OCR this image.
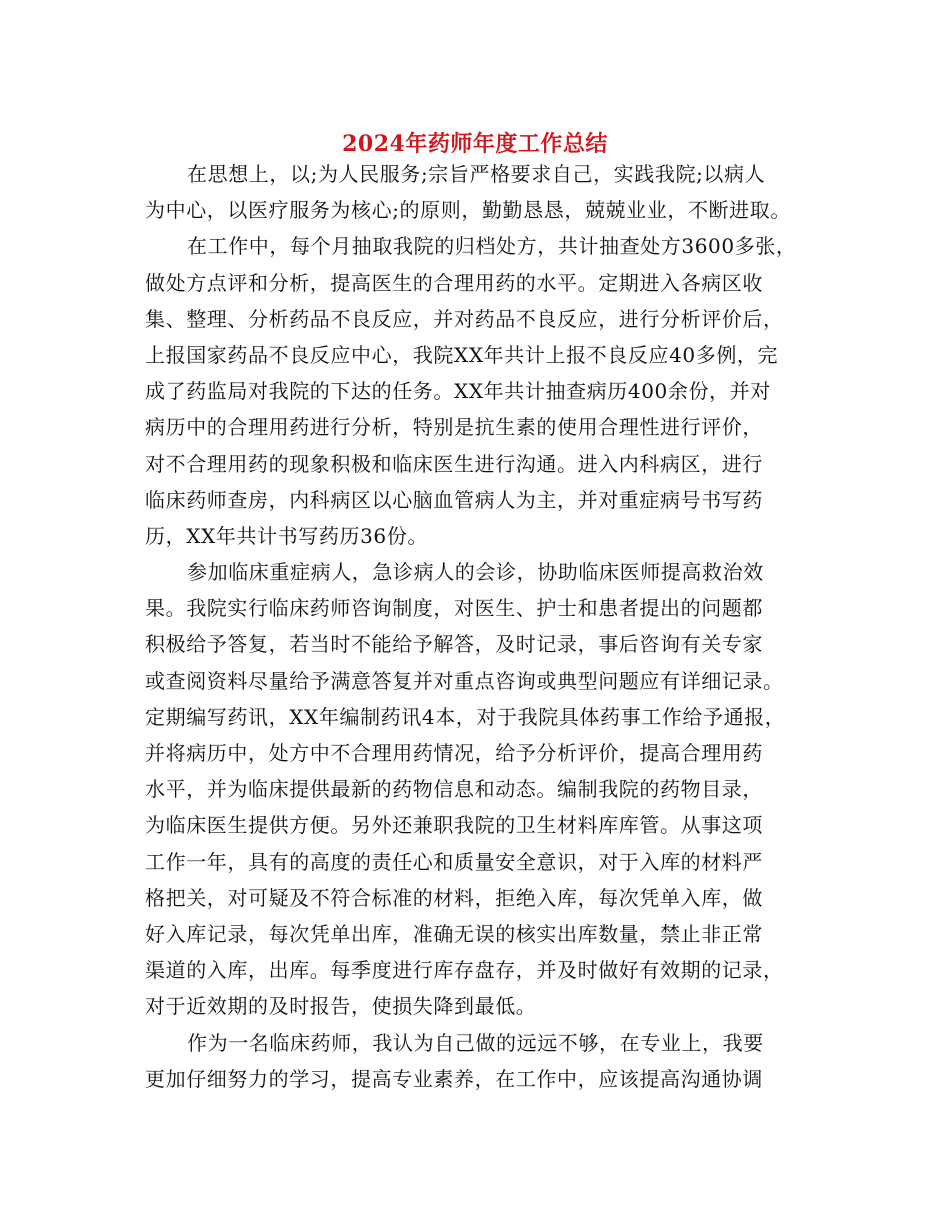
2024年药师年度工作总结

在思想上，以;为人民服务;宗旨严格要求自己，实践我院;以病人
为中心，以医疗服务为核心;的原则，勤勤恳恳，兢兢业业，不断进取。

在工作中，每个月抽取我院的归档处方，共计抽查处方3600多张，
做处方点评和分析，提高医生的合理用药的水平。定期进入各病区收
集、整理、分析药品不良反应，并对药品不良反应，进行分析评价后，
上报国家药品不良反应中心，我院XX年共计上报不良反应40多例，完
成了药监局对我院的下达的任务。XX年共计抽查病历400余份，并对
病历中的合理用药进行分析，特别是抗生素的使用合理性进行评价，
对不合理用药的现象积极和临床医生进行沟通。进入内科病区，进行
临床药师查房，内科病区以心脑血管病人为主，并对重症病号书写药
历，XX年共计书写药历36份。

参加临床重症病人，急诊病人的会诊，协助临床医师提高救治效
果。我院实行临床药师咨询制度，对医生、护士和患者提出的问题都
积极给予答复，若当时不能给予解答，及时记录，事后咨询有关专家
或查阅资料尽量给予满意答复并对重点咨询或典型问题应有详细记录。
定期编写药讯，XX年编制药讯4本，对于我院具体药事工作给予通报，
并将病历中，处方中不合理用药情况，给予分析评价，提高合理用药
水平，并为临床提供最新的药物信息和动态。编制我院的药物目录，
为临床医生提供方便。另外还兼职我院的卫生材料库库管。从事这项
工作一年，具有的高度的责任心和质量安全意识，对于入库的材料严
格把关，对可疑及不符合标准的材料，拒绝入库，每次凭单入库，做
好入库记录，每次凭单出库，准确无误的核实出库数量，禁止非正常
渠道的入库，出库。每季度进行库存盘存，并及时做好有效期的记录，
对于近效期的及时报告，使损失降到最低。

作为一名临床药师，我认为自己做的远远不够，在专业上，我要
更加仔细努力的学习，提高专业素养，在工作中，应该提高沟通协调
